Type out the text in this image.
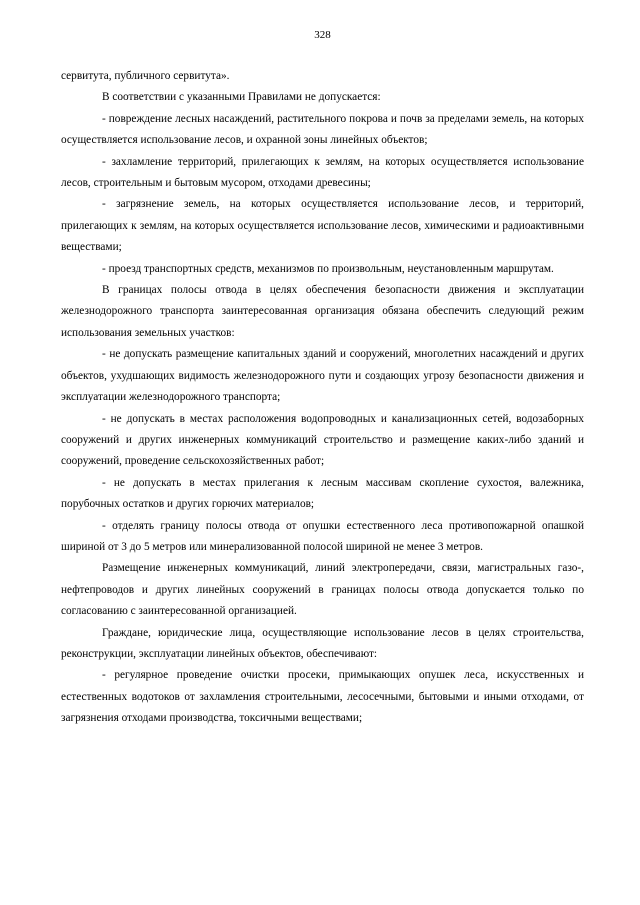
328

сервитута, публичного сервитута».

В соответствии с указанными Правилами не допускается:

- повреждение лесных насаждений, растительного покрова и почв за пределами земель, на которых осуществляется использование лесов, и охранной зоны линейных объектов;

- захламление территорий, прилегающих к землям, на которых осуществляется использование лесов, строительным и бытовым мусором, отходами древесины;

- загрязнение земель, на которых осуществляется использование лесов, и территорий, прилегающих к землям, на которых осуществляется использование лесов, химическими и радиоактивными веществами;

- проезд транспортных средств, механизмов по произвольным, неустановленным маршрутам.

В границах полосы отвода в целях обеспечения безопасности движения и эксплуатации железнодорожного транспорта заинтересованная организация обязана обеспечить следующий режим использования земельных участков:

- не допускать размещение капитальных зданий и сооружений, многолетних насаждений и других объектов, ухудшающих видимость железнодорожного пути и создающих угрозу безопасности движения и эксплуатации железнодорожного транспорта;

- не допускать в местах расположения водопроводных и канализационных сетей, водозаборных сооружений и других инженерных коммуникаций строительство и размещение каких-либо зданий и сооружений, проведение сельскохозяйственных работ;

- не допускать в местах прилегания к лесным массивам скопление сухостоя, валежника, порубочных остатков и других горючих материалов;

- отделять границу полосы отвода от опушки естественного леса противопожарной опашкой шириной от 3 до 5 метров или минерализованной полосой шириной не менее 3 метров.

Размещение инженерных коммуникаций, линий электропередачи, связи, магистральных газо-, нефтепроводов и других линейных сооружений в границах полосы отвода допускается только по согласованию с заинтересованной организацией.

Граждане, юридические лица, осуществляющие использование лесов в целях строительства, реконструкции, эксплуатации линейных объектов, обеспечивают:

- регулярное проведение очистки просеки, примыкающих опушек леса, искусственных и естественных водотоков от захламления строительными, лесосечными, бытовыми и иными отходами, от загрязнения отходами производства, токсичными веществами;
